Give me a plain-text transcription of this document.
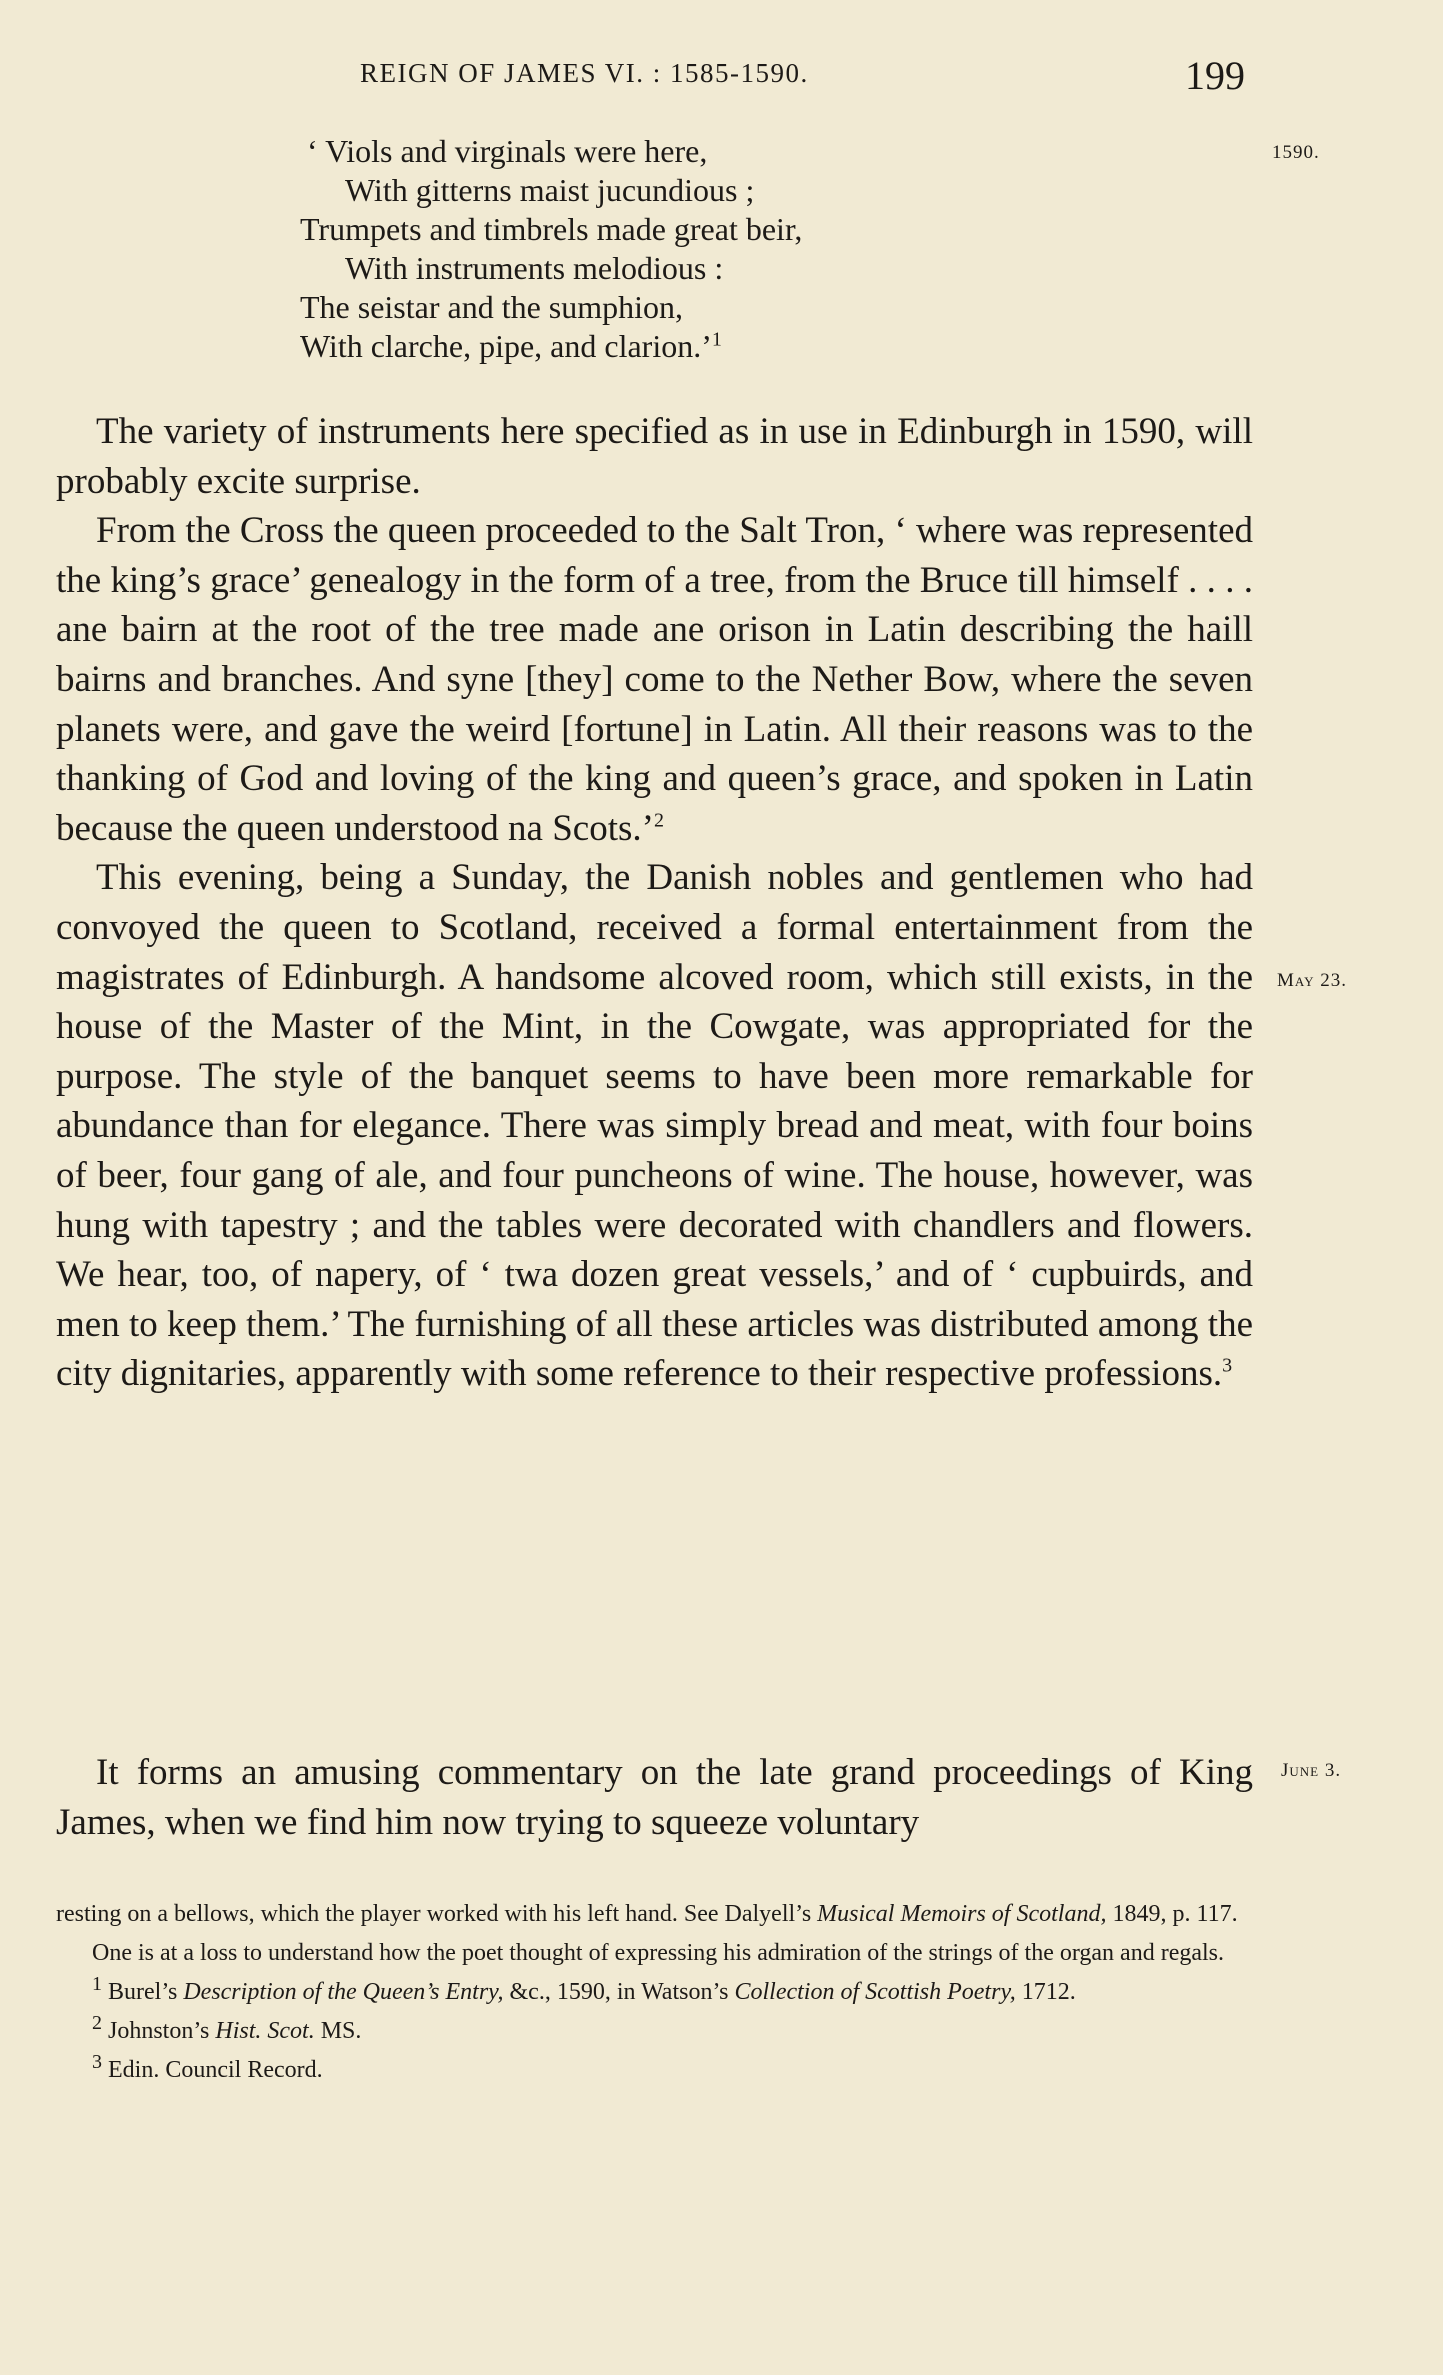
REIGN OF JAMES VI. : 1585-1590.	199
1590.
May 23.
June 3.
‘ Viols and virginals were here,
With gitterns maist jucundious ;
Trumpets and timbrels made great beir,
With instruments melodious :
The seistar and the sumphion,
With clarche, pipe, and clarion.’$^1$

The variety of instruments here specified as in use in Edinburgh in 1590, will probably excite surprise.

From the Cross the queen proceeded to the Salt Tron, ‘ where was represented the king’s grace’ genealogy in the form of a tree, from the Bruce till himself . . . . ane bairn at the root of the tree made ane orison in Latin describing the haill bairns and branches. And syne [they] come to the Nether Bow, where the seven planets were, and gave the weird [fortune] in Latin. All their reasons was to the thanking of God and loving of the king and queen’s grace, and spoken in Latin because the queen understood na Scots.’$^2$

This evening, being a Sunday, the Danish nobles and gentlemen who had convoyed the queen to Scotland, received a formal entertainment from the magistrates of Edinburgh. A handsome alcoved room, which still exists, in the house of the Master of the Mint, in the Cowgate, was appropriated for the purpose. The style of the banquet seems to have been more remarkable for abundance than for elegance. There was simply bread and meat, with four boins of beer, four gang of ale, and four puncheons of wine. The house, however, was hung with tapestry ; and the tables were decorated with chandlers and flowers. We hear, too, of napery, of ‘ twa dozen great vessels,’ and of ‘ cupbuirds, and men to keep them.’ The furnishing of all these articles was distributed among the city dignitaries, apparently with some reference to their respective professions.$^3$

It forms an amusing commentary on the late grand proceedings of King James, when we find him now trying to squeeze voluntary

resting on a bellows, which the player worked with his left hand. See Dalyell’s Musical Memoirs of Scotland, 1849, p. 117.

One is at a loss to understand how the poet thought of expressing his admiration of the strings of the organ and regals.

$^1$ Burel’s Description of the Queen’s Entry, &c., 1590, in Watson’s Collection of Scottish Poetry, 1712.

$^2$ Johnston’s Hist. Scot. MS.

$^3$ Edin. Council Record.
